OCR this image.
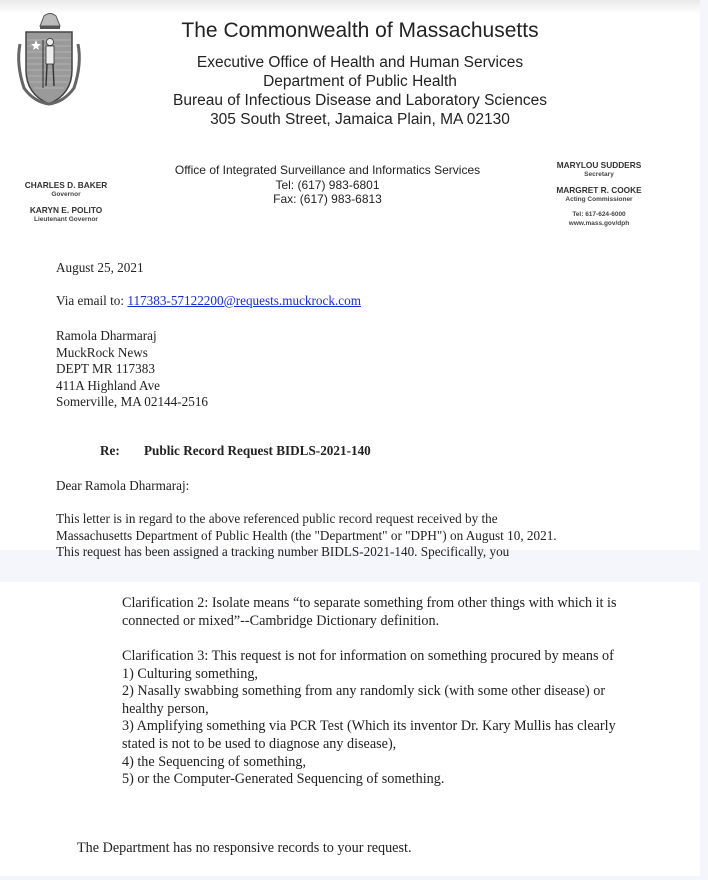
The Commonwealth of Massachusetts
Executive Office of Health and Human Services
Department of Public Health
Bureau of Infectious Disease and Laboratory Sciences
305 South Street, Jamaica Plain, MA 02130
CHARLES D. BAKER
Governor
KARYN E. POLITO
Lieutenant Governor
Office of Integrated Surveillance and Informatics Services
Tel: (617) 983-6801
Fax: (617) 983-6813
MARYLOU SUDDERS
Secretary
MARGRET R. COOKE
Acting Commissioner
Tel: 617-624-6000
www.mass.gov/dph
August 25, 2021
Via email to: 117383-57122200@requests.muckrock.com
Ramola Dharmaraj
MuckRock News
DEPT MR 117383
411A Highland Ave
Somerville, MA 02144-2516
Re: Public Record Request BIDLS-2021-140
Dear Ramola Dharmaraj:
This letter is in regard to the above referenced public record request received by the
Massachusetts Department of Public Health (the "Department" or "DPH") on August 10, 2021.
This request has been assigned a tracking number BIDLS-2021-140. Specifically, you
Clarification 2: Isolate means “to separate something from other things with which it is
connected or mixed”--Cambridge Dictionary definition.
Clarification 3: This request is not for information on something procured by means of
1) Culturing something,
2) Nasally swabbing something from any randomly sick (with some other disease) or
healthy person,
3) Amplifying something via PCR Test (Which its inventor Dr. Kary Mullis has clearly
stated is not to be used to diagnose any disease),
4) the Sequencing of something,
5) or the Computer-Generated Sequencing of something.
The Department has no responsive records to your request.
